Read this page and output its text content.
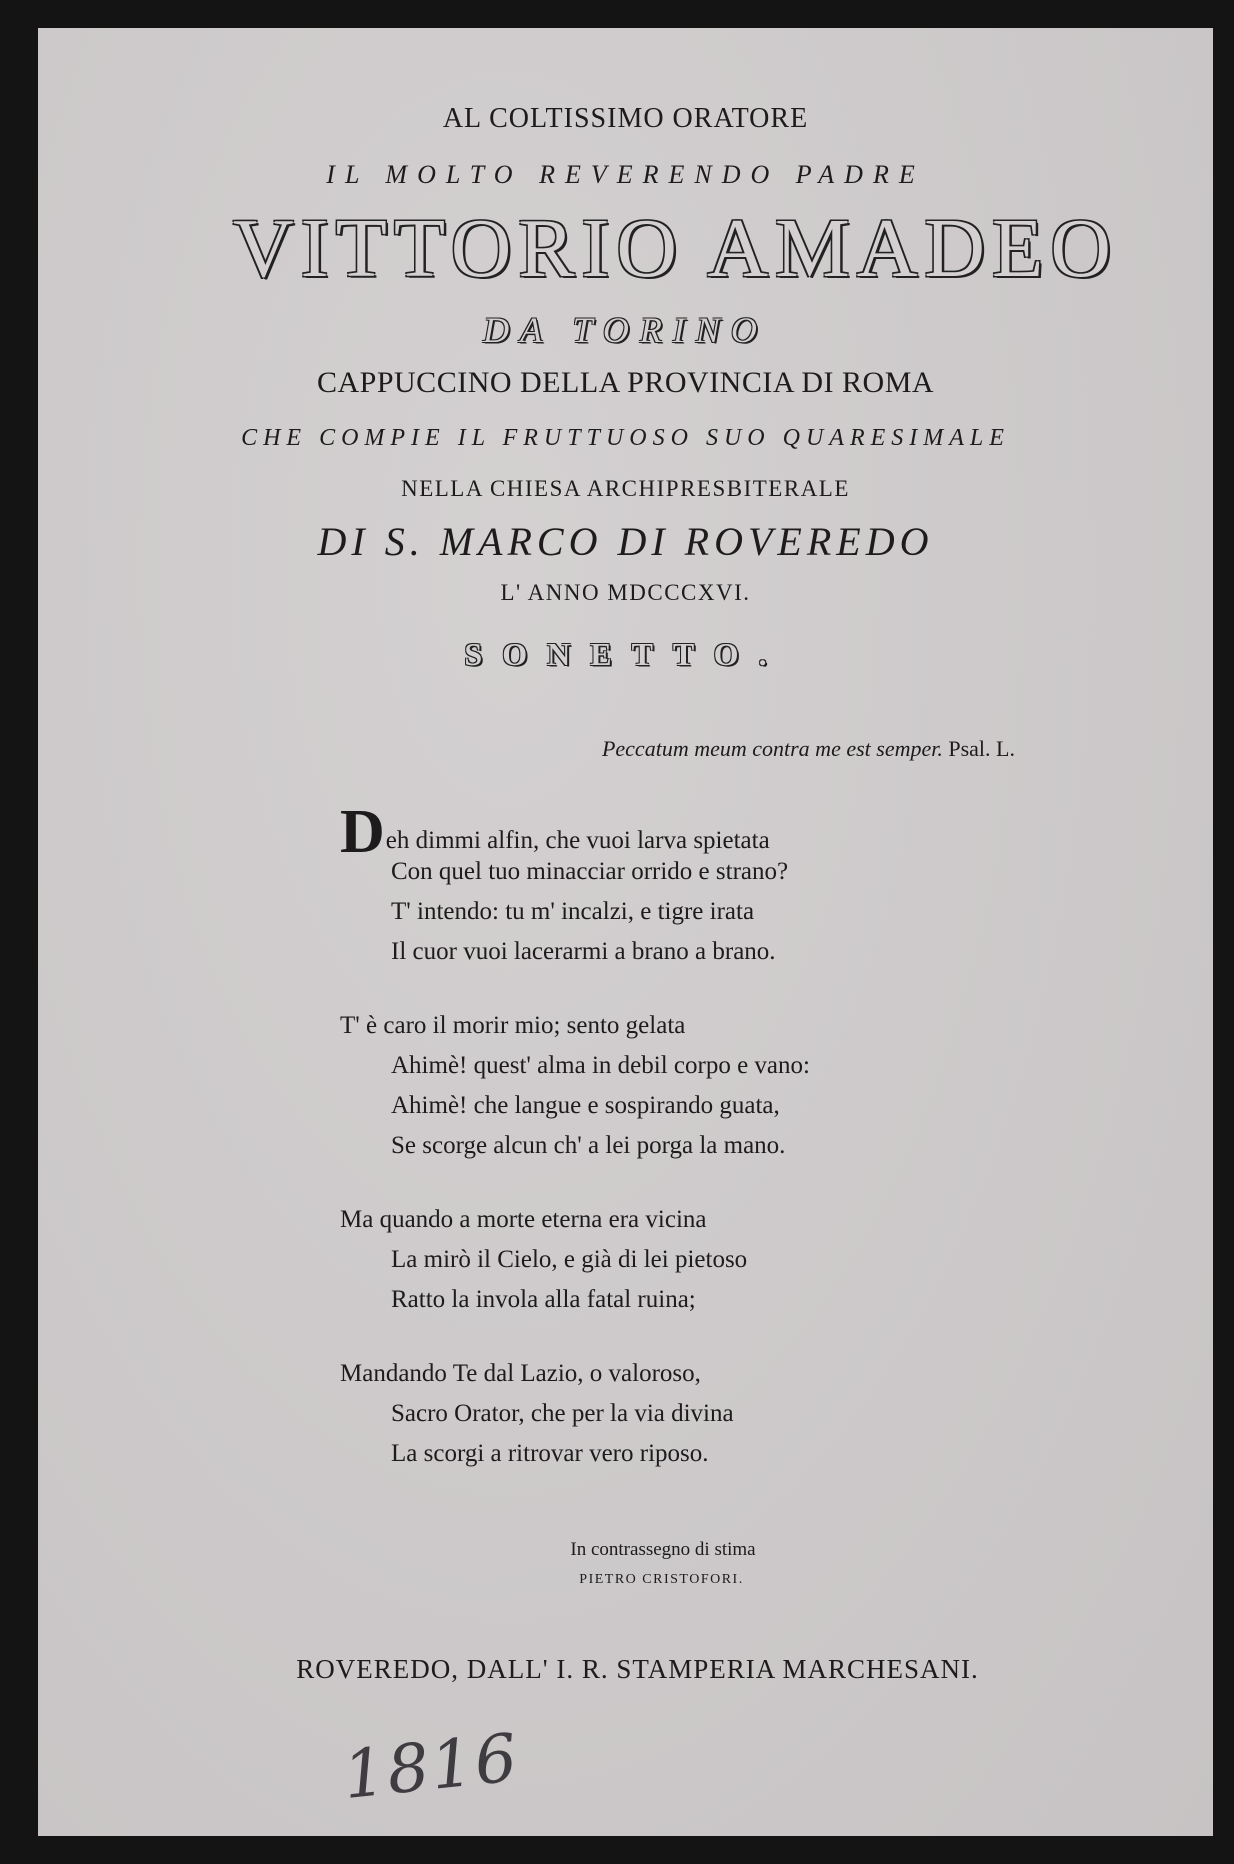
AL COLTISSIMO ORATORE
IL MOLTO REVERENDO PADRE
VITTORIO AMADEO
DA TORINO
CAPPUCCINO DELLA PROVINCIA DI ROMA
CHE COMPIE IL FRUTTUOSO SUO QUARESIMALE
NELLA CHIESA ARCHIPRESBITERALE
DI S. MARCO DI ROVEREDO
L' ANNO MDCCCXVI.
SONETTO.
Peccatum meum contra me est semper. Psal. L.
Deh dimmi alfin, che vuoi larva spietata
Con quel tuo minacciar orrido e strano?
T' intendo: tu m' incalzi, e tigre irata
Il cuor vuoi lacerarmi a brano a brano.
T' è caro il morir mio; sento gelata
Ahimè! quest' alma in debil corpo e vano:
Ahimè! che langue e sospirando guata,
Se scorge alcun ch' a lei porga la mano.
Ma quando a morte eterna era vicina
La mirò il Cielo, e già di lei pietoso
Ratto la invola alla fatal ruina;
Mandando Te dal Lazio, o valoroso,
Sacro Orator, che per la via divina
La scorgi a ritrovar vero riposo.
In contrassegno di stima
PIETRO CRISTOFORI.
ROVEREDO, DALL' I. R. STAMPERIA MARCHESANI.
1816
